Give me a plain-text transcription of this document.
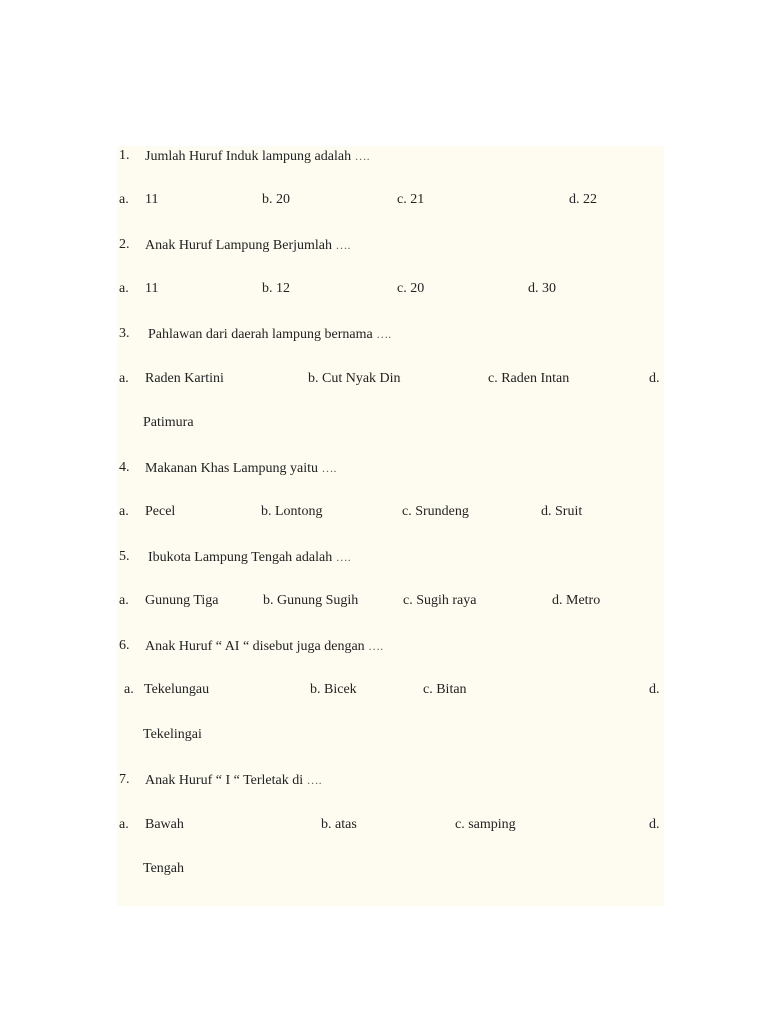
1. Jumlah Huruf Induk lampung adalah ….
a. 11	b. 20	c. 21	d. 22
2. Anak Huruf Lampung Berjumlah ….
a. 11	b. 12	c. 20	d. 30
3. Pahlawan dari daerah lampung bernama ….
a. Raden Kartini	b. Cut Nyak Din	c. Raden Intan	d.
Patimura
4. Makanan Khas Lampung yaitu ….
a. Pecel	b. Lontong	c. Srundeng	d. Sruit
5. Ibukota Lampung Tengah adalah ….
a. Gunung Tiga	b. Gunung Sugih	c. Sugih raya	d. Metro
6. Anak Huruf “ AI “ disebut juga dengan ….
a. Tekelungau	b. Bicek	c. Bitan	d.
Tekelingai
7. Anak Huruf “ I “ Terletak di ….
a. Bawah	b. atas	c. samping	d.
Tengah
